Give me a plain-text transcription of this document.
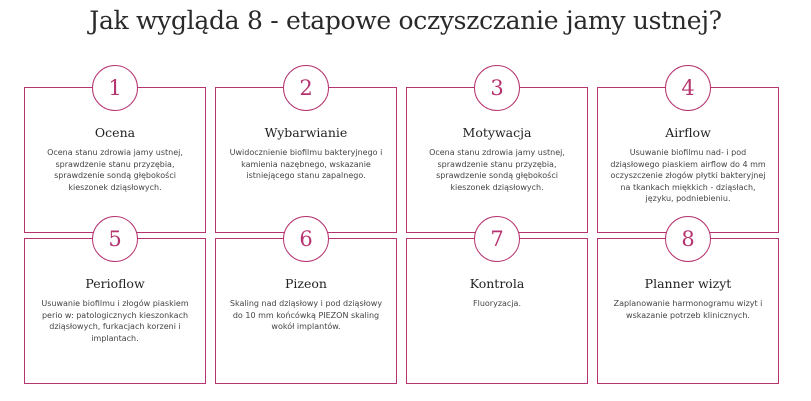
Jak wygląda 8 - etapowe oczyszczanie jamy ustnej?
1
Ocena
Ocena stanu zdrowia jamy ustnej, sprawdzenie stanu przyzębia, sprawdzenie sondą głębokości kieszonek dziąsłowych.
2
Wybarwianie
Uwidocznienie biofilmu bakteryjnego i kamienia nazębnego, wskazanie istniejącego stanu zapalnego.
3
Motywacja
Ocena stanu zdrowia jamy ustnej, sprawdzenie stanu przyzębia, sprawdzenie sondą głębokości kieszonek dziąsłowych.
4
Airflow
Usuwanie biofilmu nad- i pod dziąsłowego piaskiem airflow do 4 mm oczyszczenie złogów płytki bakteryjnej na tkankach miękkich - dziąsłach, języku, podniebieniu.
5
Perioflow
Usuwanie biofilmu i złogów piaskiem perio w: patologicznych kieszonkach dziąsłowych, furkacjach korzeni i implantach.
6
Pizeon
Skaling nad dziąsłowy i pod dziąsłowy do 10 mm końcówką PIEZON skaling wokół implantów.
7
Kontrola
Fluoryzacja.
8
Planner wizyt
Zaplanowanie harmonogramu wizyt i wskazanie potrzeb klinicznych.
